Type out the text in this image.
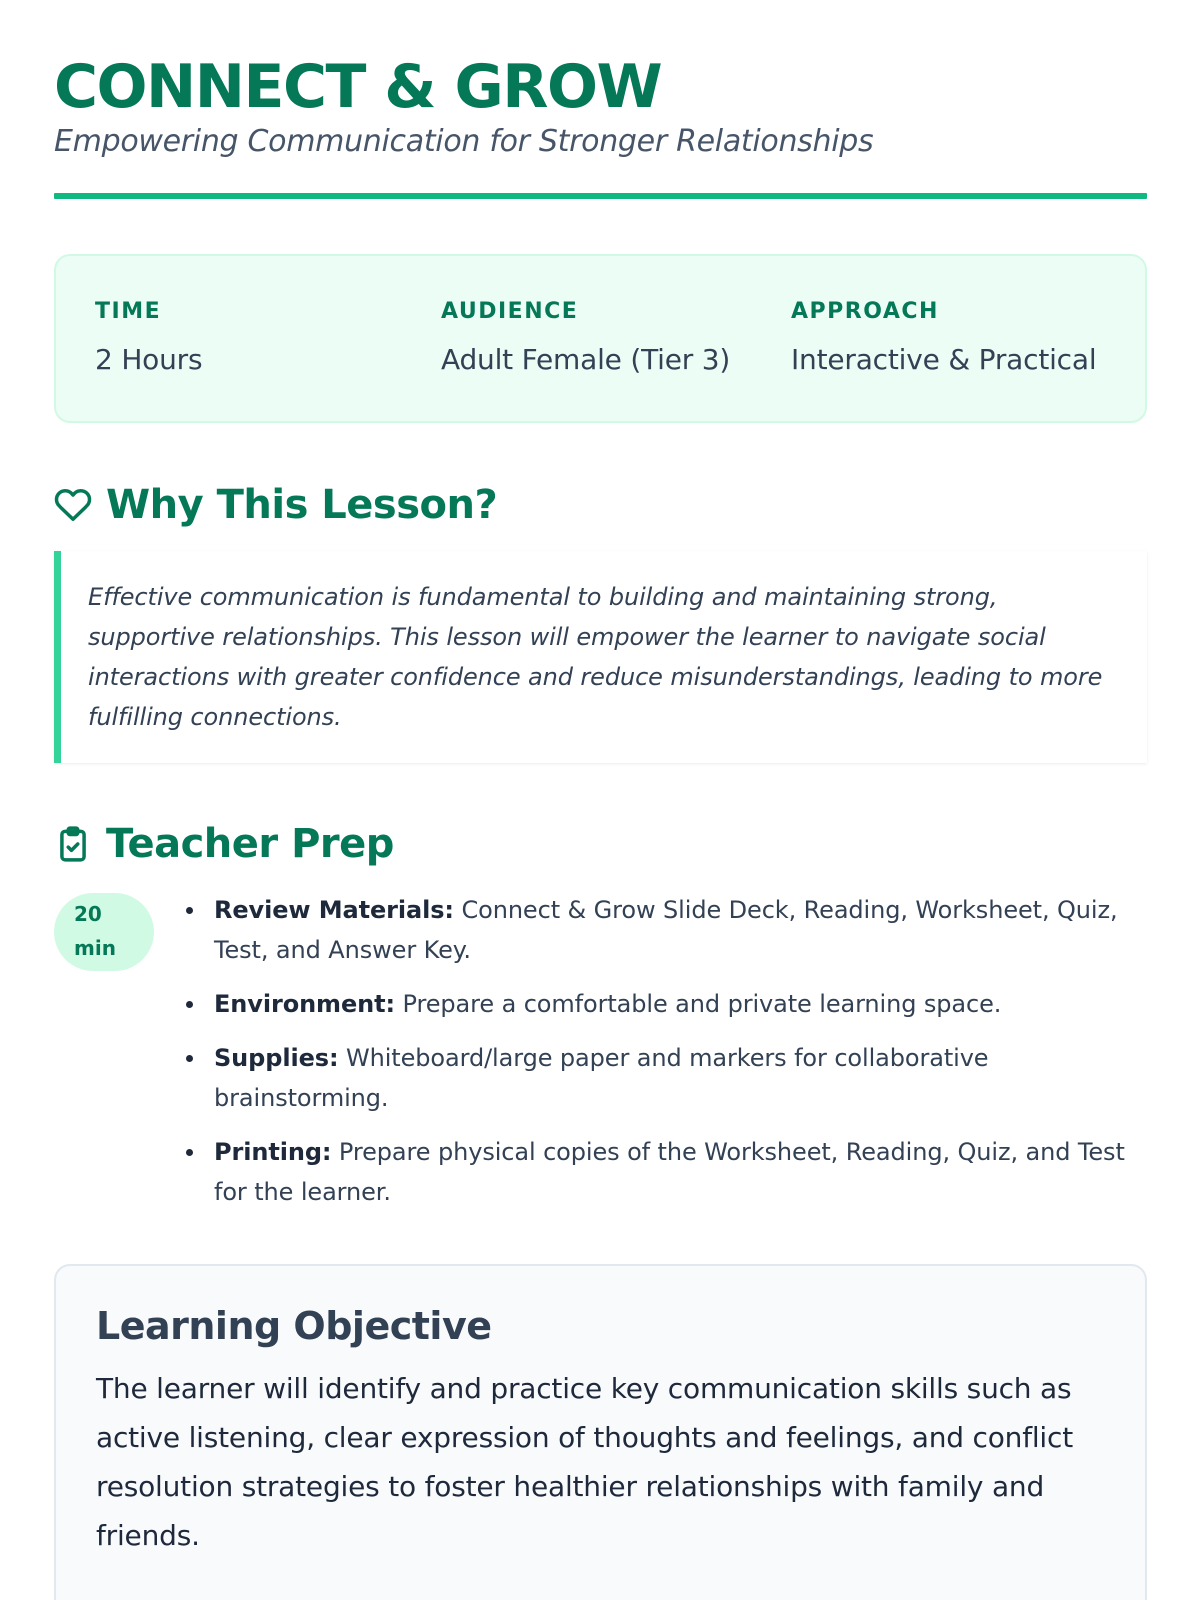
CONNECT & GROW
Empowering Communication for Stronger Relationships
TIME
2 Hours
AUDIENCE
Adult Female (Tier 3)
APPROACH
Interactive & Practical
Why This Lesson?

Effective communication is fundamental to building and maintaining strong, supportive relationships. This lesson will empower the learner to navigate social interactions with greater confidence and reduce misunderstandings, leading to more fulfilling connections.

Teacher Prep
20
min
Review Materials: Connect & Grow Slide Deck, Reading, Worksheet, Quiz, Test, and Answer Key.
Environment: Prepare a comfortable and private learning space.
Supplies: Whiteboard/large paper and markers for collaborative brainstorming.
Printing: Prepare physical copies of the Worksheet, Reading, Quiz, and Test for the learner.
Learning Objective

The learner will identify and practice key communication skills such as active listening, clear expression of thoughts and feelings, and conflict resolution strategies to foster healthier relationships with family and friends.
